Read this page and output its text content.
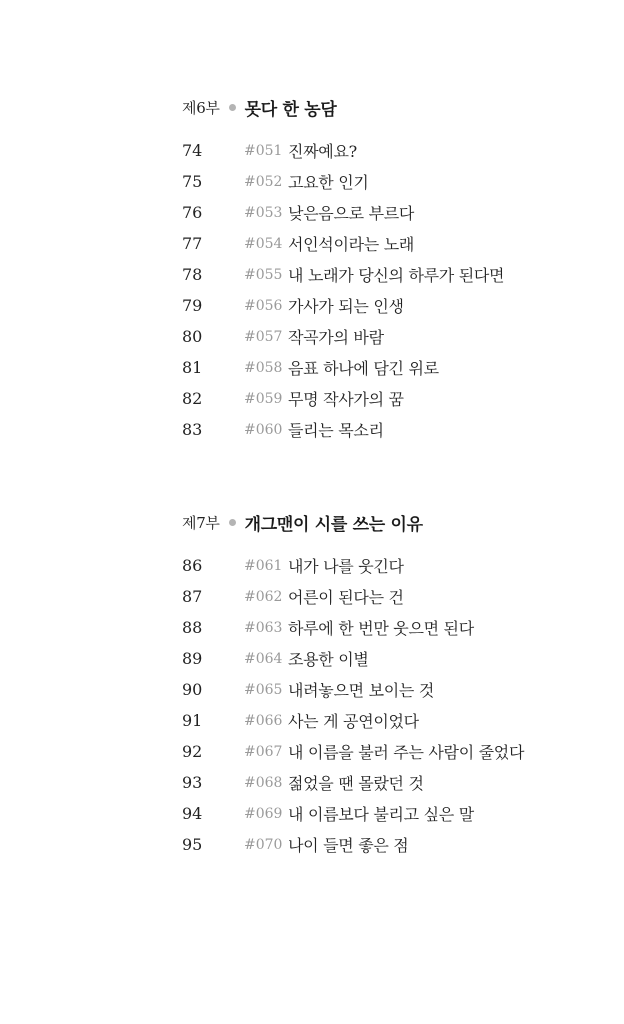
제6부 못다 한 농담
74	#051 진짜예요?
75	#052 고요한 인기
76	#053 낮은음으로 부르다
77	#054 서인석이라는 노래
78	#055 내 노래가 당신의 하루가 된다면
79	#056 가사가 되는 인생
80	#057 작곡가의 바람
81	#058 음표 하나에 담긴 위로
82	#059 무명 작사가의 꿈
83	#060 들리는 목소리
제7부 개그맨이 시를 쓰는 이유
86	#061 내가 나를 웃긴다
87	#062 어른이 된다는 건
88	#063 하루에 한 번만 웃으면 된다
89	#064 조용한 이별
90	#065 내려놓으면 보이는 것
91	#066 사는 게 공연이었다
92	#067 내 이름을 불러 주는 사람이 줄었다
93	#068 젊었을 땐 몰랐던 것
94	#069 내 이름보다 불리고 싶은 말
95	#070 나이 들면 좋은 점
